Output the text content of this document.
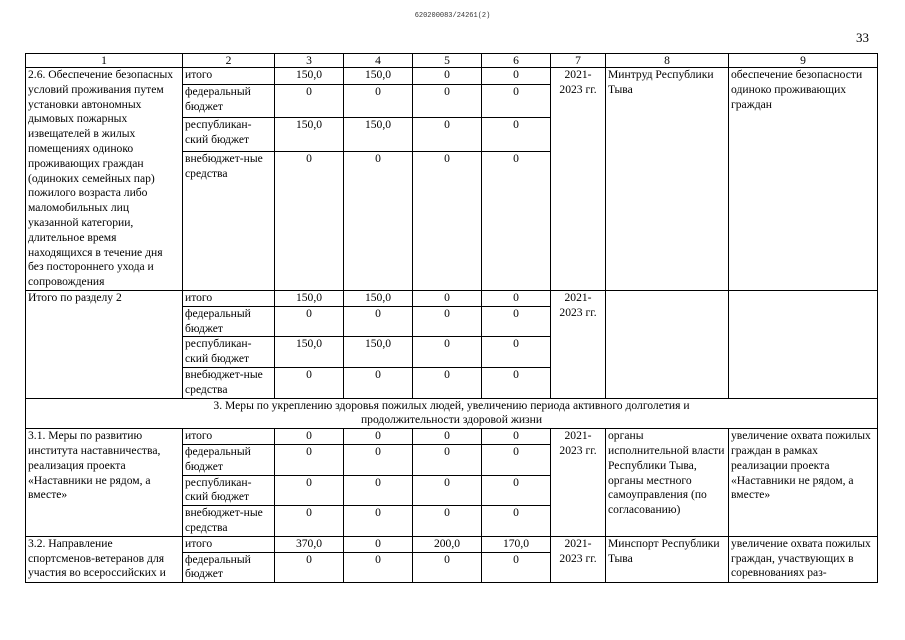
620200083/24261(2)
33
1	2	3	4	5	6	7	8	9
2.6. Обеспечение безопасных условий проживания путем установки автономных дымовых пожарных извещателей в жилых помещениях одиноко проживающих граждан (одиноких семейных пар) пожилого возраста либо маломобильных лиц указанной категории, длительное время находящихся в течение дня без постороннего ухода и сопровождения	итого	150,0	150,0	0	0	2021-2023 гг.	Минтруд Республики Тыва	обеспечение безопасности одиноко проживающих граждан
	федеральный бюджет	0	0	0	0			
	республикан-ский бюджет	150,0	150,0	0	0			
	внебюджет-ные средства	0	0	0	0			
Итого по разделу 2	итого	150,0	150,0	0	0	2021-2023 гг.		
	федеральный бюджет	0	0	0	0			
	республикан-ский бюджет	150,0	150,0	0	0			
	внебюджет-ные средства	0	0	0	0			
3. Меры по укреплению здоровья пожилых людей, увеличению периода активного долголетия и продолжительности здоровой жизни								
3.1. Меры по развитию института наставничества, реализация проекта «Наставники не рядом, а вместе»	итого	0	0	0	0	2021-2023 гг.	органы исполнительной власти Республики Тыва, органы местного самоуправления (по согласованию)	увеличение охвата пожилых граждан в рамках реализации проекта «Наставники не рядом, а вместе»
	федеральный бюджет	0	0	0	0			
	республикан-ский бюджет	0	0	0	0			
	внебюджет-ные средства	0	0	0	0			
3.2. Направление спортсменов-ветеранов для участия во всероссийских и	итого	370,0	0	200,0	170,0	2021-2023 гг.	Минспорт Республики Тыва	увеличение охвата пожилых граждан, участвующих в соревнованиях раз-
	федеральный бюджет	0	0	0	0			
